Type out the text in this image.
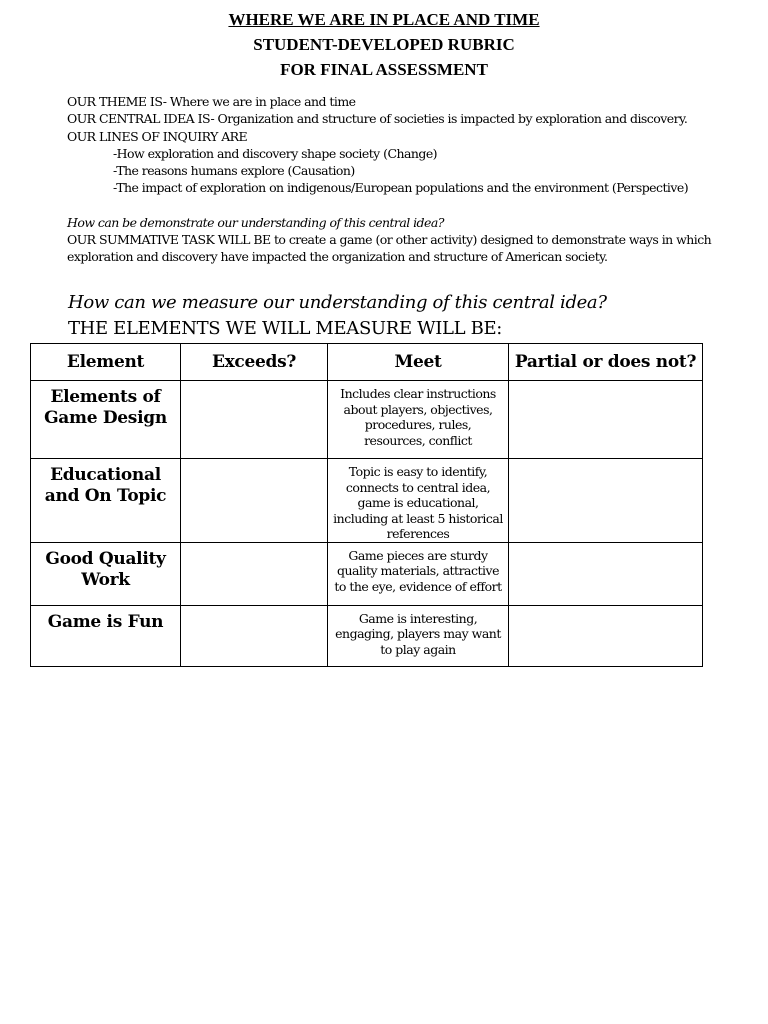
WHERE WE ARE IN PLACE AND TIME
STUDENT-DEVELOPED RUBRIC
FOR FINAL ASSESSMENT
OUR THEME IS- Where we are in place and time
OUR CENTRAL IDEA IS- Organization and structure of societies is impacted by exploration and discovery.
OUR LINES OF INQUIRY ARE
-How exploration and discovery shape society (Change)
-The reasons humans explore (Causation)
-The impact of exploration on indigenous/European populations and the environment (Perspective)
How can be demonstrate our understanding of this central idea?
OUR SUMMATIVE TASK WILL BE to create a game (or other activity) designed to demonstrate ways in which
exploration and discovery have impacted the organization and structure of American society.
How can we measure our understanding of this central idea?
THE ELEMENTS WE WILL MEASURE WILL BE:
Element	Exceeds?	Meet	Partial or does not?

Elements of
Game Design		Includes clear instructions about players, objectives, procedures, rules, resources, conflict	

Educational
and On Topic		Topic is easy to identify, connects to central idea, game is educational, including at least 5 historical references	

Good Quality
Work		Game pieces are sturdy quality materials, attractive to the eye, evidence of effort	

Game is Fun		Game is interesting, engaging, players may want to play again	
